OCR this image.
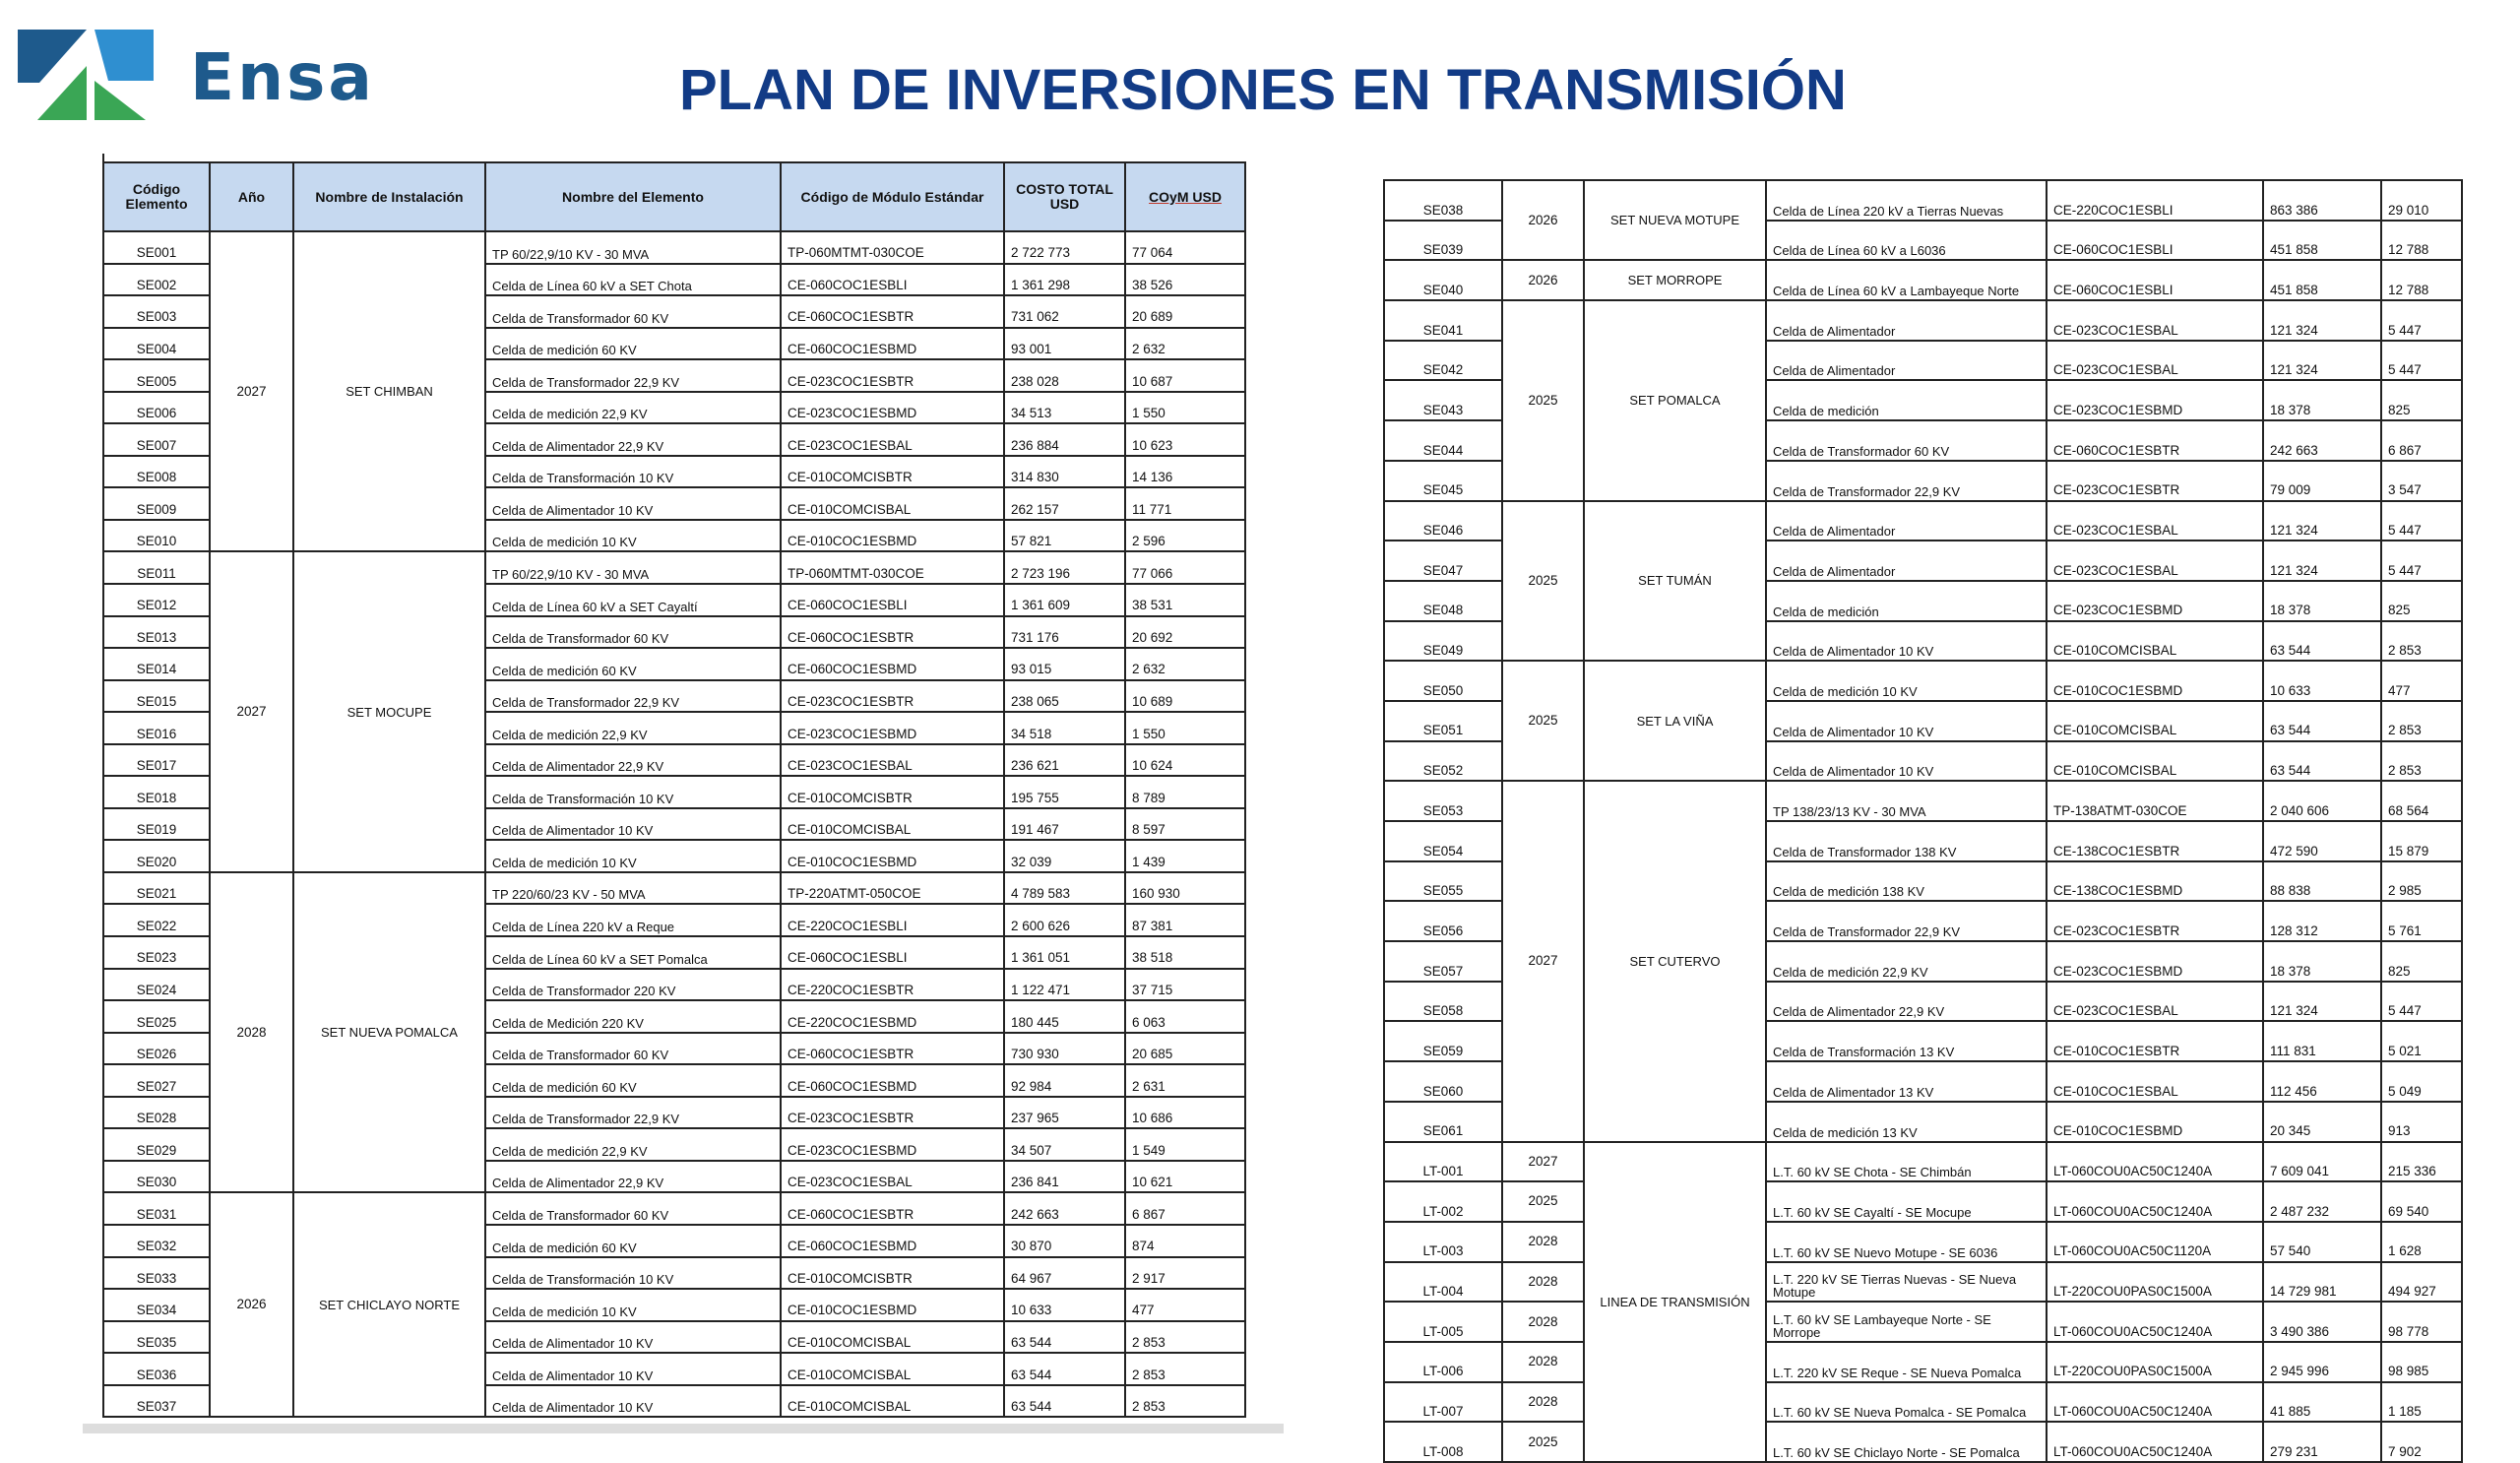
Ensa	PLAN DE INVERSIONES EN TRANSMISIÓN
Código Elemento	Año	Nombre de Instalación	Nombre del Elemento	Código de Módulo Estándar	COSTO TOTAL USD	COyM USD
SE001	2027	SET CHIMBAN	TP 60/22,9/10 KV - 30 MVA	TP-060MTMT-030COE	2 722 773	77 064
SE002			Celda de Línea 60 kV a SET Chota	CE-060COC1ESBLI	1 361 298	38 526
SE003			Celda de Transformador 60 KV	CE-060COC1ESBTR	731 062	20 689
SE004			Celda de medición 60 KV	CE-060COC1ESBMD	93 001	2 632
SE005			Celda de Transformador 22,9 KV	CE-023COC1ESBTR	238 028	10 687
SE006			Celda de medición 22,9 KV	CE-023COC1ESBMD	34 513	1 550
SE007			Celda de Alimentador 22,9 KV	CE-023COC1ESBAL	236 884	10 623
SE008			Celda de Transformación 10 KV	CE-010COMCISBTR	314 830	14 136
SE009			Celda de Alimentador 10 KV	CE-010COMCISBAL	262 157	11 771
SE010			Celda de medición 10 KV	CE-010COC1ESBMD	57 821	2 596
SE011	2027	SET MOCUPE	TP 60/22,9/10 KV - 30 MVA	TP-060MTMT-030COE	2 723 196	77 066
SE012			Celda de Línea 60 kV a SET Cayaltí	CE-060COC1ESBLI	1 361 609	38 531
SE013			Celda de Transformador 60 KV	CE-060COC1ESBTR	731 176	20 692
SE014			Celda de medición 60 KV	CE-060COC1ESBMD	93 015	2 632
SE015			Celda de Transformador 22,9 KV	CE-023COC1ESBTR	238 065	10 689
SE016			Celda de medición 22,9 KV	CE-023COC1ESBMD	34 518	1 550
SE017			Celda de Alimentador 22,9 KV	CE-023COC1ESBAL	236 621	10 624
SE018			Celda de Transformación 10 KV	CE-010COMCISBTR	195 755	8 789
SE019			Celda de Alimentador 10 KV	CE-010COMCISBAL	191 467	8 597
SE020			Celda de medición 10 KV	CE-010COC1ESBMD	32 039	1 439
SE021	2028	SET NUEVA POMALCA	TP 220/60/23 KV - 50 MVA	TP-220ATMT-050COE	4 789 583	160 930
SE022			Celda de Línea 220 kV a Reque	CE-220COC1ESBLI	2 600 626	87 381
SE023			Celda de Línea 60 kV a SET Pomalca	CE-060COC1ESBLI	1 361 051	38 518
SE024			Celda de Transformador 220 KV	CE-220COC1ESBTR	1 122 471	37 715
SE025			Celda de Medición 220 KV	CE-220COC1ESBMD	180 445	6 063
SE026			Celda de Transformador 60 KV	CE-060COC1ESBTR	730 930	20 685
SE027			Celda de medición 60 KV	CE-060COC1ESBMD	92 984	2 631
SE028			Celda de Transformador 22,9 KV	CE-023COC1ESBTR	237 965	10 686
SE029			Celda de medición 22,9 KV	CE-023COC1ESBMD	34 507	1 549
SE030			Celda de Alimentador 22,9 KV	CE-023COC1ESBAL	236 841	10 621
SE031	2026	SET CHICLAYO NORTE	Celda de Transformador 60 KV	CE-060COC1ESBTR	242 663	6 867
SE032			Celda de medición 60 KV	CE-060COC1ESBMD	30 870	874
SE033			Celda de Transformación 10 KV	CE-010COMCISBTR	64 967	2 917
SE034			Celda de medición 10 KV	CE-010COC1ESBMD	10 633	477
SE035			Celda de Alimentador 10 KV	CE-010COMCISBAL	63 544	2 853
SE036			Celda de Alimentador 10 KV	CE-010COMCISBAL	63 544	2 853
SE037			Celda de Alimentador 10 KV	CE-010COMCISBAL	63 544	2 853
SE038	2026	SET NUEVA MOTUPE	Celda de Línea 220 kV a Tierras Nuevas	CE-220COC1ESBLI	863 386	29 010
SE039			Celda de Línea 60 kV a L6036	CE-060COC1ESBLI	451 858	12 788
SE040	2026	SET MORROPE	Celda de Línea 60 kV a Lambayeque Norte	CE-060COC1ESBLI	451 858	12 788
SE041	2025	SET POMALCA	Celda de Alimentador	CE-023COC1ESBAL	121 324	5 447
SE042			Celda de Alimentador	CE-023COC1ESBAL	121 324	5 447
SE043			Celda de medición	CE-023COC1ESBMD	18 378	825
SE044			Celda de Transformador 60 KV	CE-060COC1ESBTR	242 663	6 867
SE045			Celda de Transformador 22,9 KV	CE-023COC1ESBTR	79 009	3 547
SE046	2025	SET TUMÁN	Celda de Alimentador	CE-023COC1ESBAL	121 324	5 447
SE047			Celda de Alimentador	CE-023COC1ESBAL	121 324	5 447
SE048			Celda de medición	CE-023COC1ESBMD	18 378	825
SE049			Celda de Alimentador 10 KV	CE-010COMCISBAL	63 544	2 853
SE050	2025	SET LA VIÑA	Celda de medición 10 KV	CE-010COC1ESBMD	10 633	477
SE051			Celda de Alimentador 10 KV	CE-010COMCISBAL	63 544	2 853
SE052			Celda de Alimentador 10 KV	CE-010COMCISBAL	63 544	2 853
SE053	2027	SET CUTERVO	TP 138/23/13 KV - 30 MVA	TP-138ATMT-030COE	2 040 606	68 564
SE054			Celda de Transformador 138 KV	CE-138COC1ESBTR	472 590	15 879
SE055			Celda de medición 138 KV	CE-138COC1ESBMD	88 838	2 985
SE056			Celda de Transformador 22,9 KV	CE-023COC1ESBTR	128 312	5 761
SE057			Celda de medición 22,9 KV	CE-023COC1ESBMD	18 378	825
SE058			Celda de Alimentador 22,9 KV	CE-023COC1ESBAL	121 324	5 447
SE059			Celda de Transformación 13 KV	CE-010COC1ESBTR	111 831	5 021
SE060			Celda de Alimentador 13 KV	CE-010COC1ESBAL	112 456	5 049
SE061			Celda de medición 13 KV	CE-010COC1ESBMD	20 345	913
LT-001	2027	LINEA DE TRANSMISIÓN	L.T. 60 kV SE Chota - SE Chimbán	LT-060COU0AC50C1240A	7 609 041	215 336
LT-002	2025		L.T. 60 kV SE Cayaltí - SE Mocupe	LT-060COU0AC50C1240A	2 487 232	69 540
LT-003	2028		L.T. 60 kV SE Nuevo Motupe - SE 6036	LT-060COU0AC50C1120A	57 540	1 628
LT-004	2028		L.T. 220 kV SE Tierras Nuevas - SE Nueva Motupe	LT-220COU0PAS0C1500A	14 729 981	494 927
LT-005	2028		L.T. 60 kV SE Lambayeque Norte - SE Morrope	LT-060COU0AC50C1240A	3 490 386	98 778
LT-006	2028		L.T. 220 kV SE Reque - SE Nueva Pomalca	LT-220COU0PAS0C1500A	2 945 996	98 985
LT-007	2028		L.T. 60 kV SE Nueva Pomalca - SE Pomalca	LT-060COU0AC50C1240A	41 885	1 185
LT-008	2025		L.T. 60 kV SE Chiclayo Norte - SE Pomalca	LT-060COU0AC50C1240A	279 231	7 902
